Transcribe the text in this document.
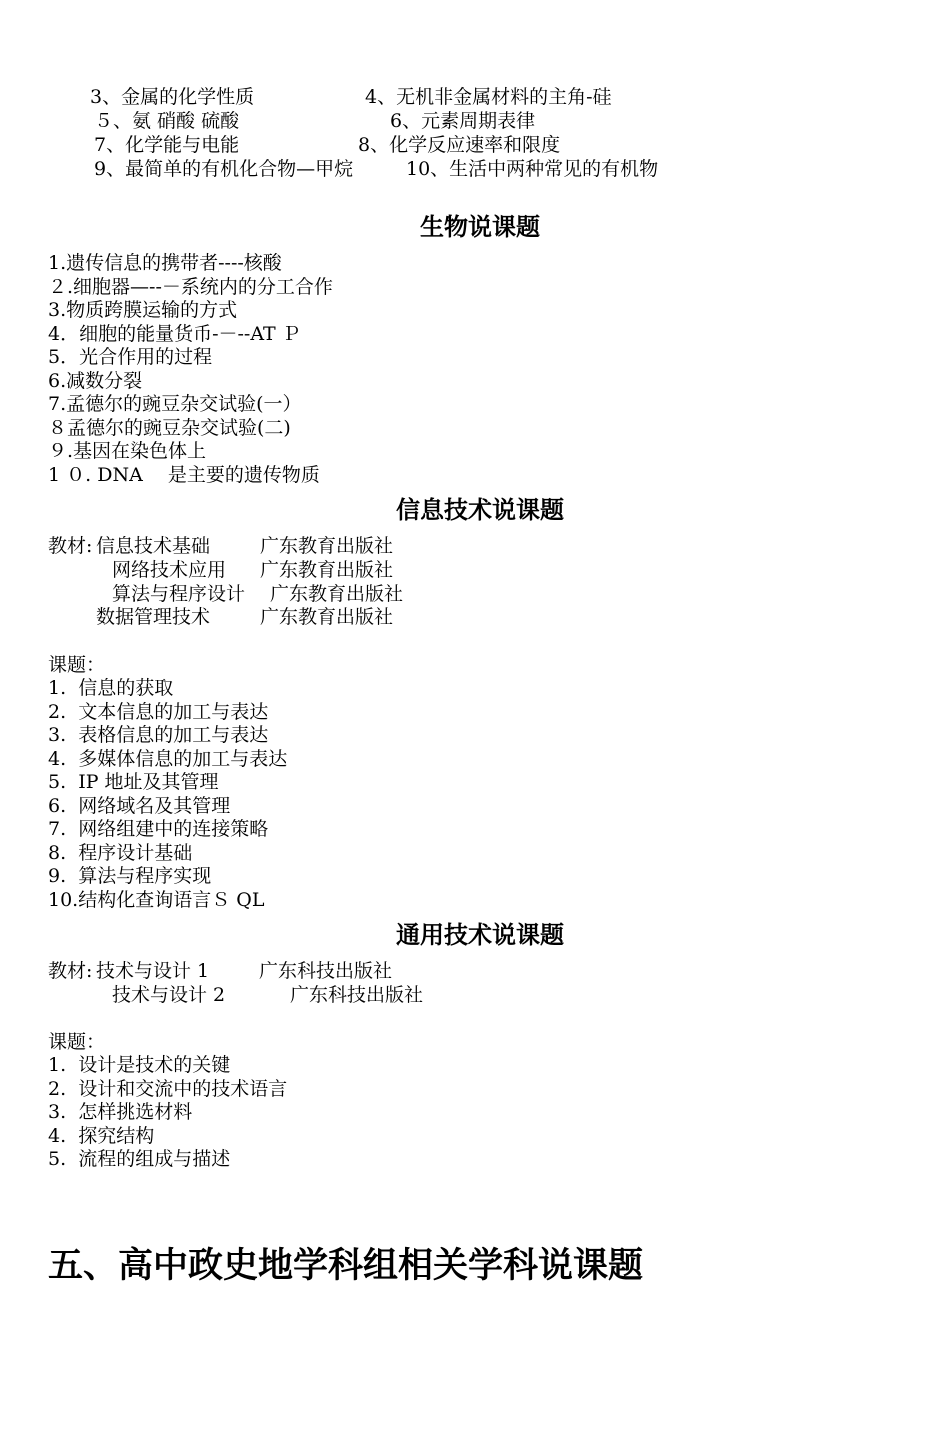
3、金属的化学性质	4、无机非金属材料的主角-硅
５、氨 硝酸 硫酸	6、元素周期表律
7、化学能与电能	8、化学反应速率和限度
9、最简单的有机化合物—甲烷	10、生活中两种常见的有机物
生物说课题
1.遗传信息的携带者----核酸
２.细胞器—--－系统内的分工合作
3.物质跨膜运输的方式
4．细胞的能量货币-－--AT Ｐ
5．光合作用的过程
6.减数分裂
7.孟德尔的豌豆杂交试验(一）
８孟德尔的豌豆杂交试验(二)
９.基因在染色体上
1 ０. DNA　 是主要的遗传物质
信息技术说课题
教材: 信息技术基础	广东教育出版社
网络技术应用 广东教育出版社
算法与程序设计 广东教育出版社
数据管理技术	广东教育出版社
课题：
1.  信息的获取
2.  文本信息的加工与表达
3.  表格信息的加工与表达
4.  多媒体信息的加工与表达
5.  IP 地址及其管理
6.  网络域名及其管理
7.  网络组建中的连接策略
8.  程序设计基础
9.  算法与程序实现
10.结构化查询语言Ｓ QL
通用技术说课题
教材: 技术与设计 1	广东科技出版社
技术与设计 2	广东科技出版社
课题：
1.  设计是技术的关键
2.  设计和交流中的技术语言
3.  怎样挑选材料
4.  探究结构
5.  流程的组成与描述
五、高中政史地学科组相关学科说课题
